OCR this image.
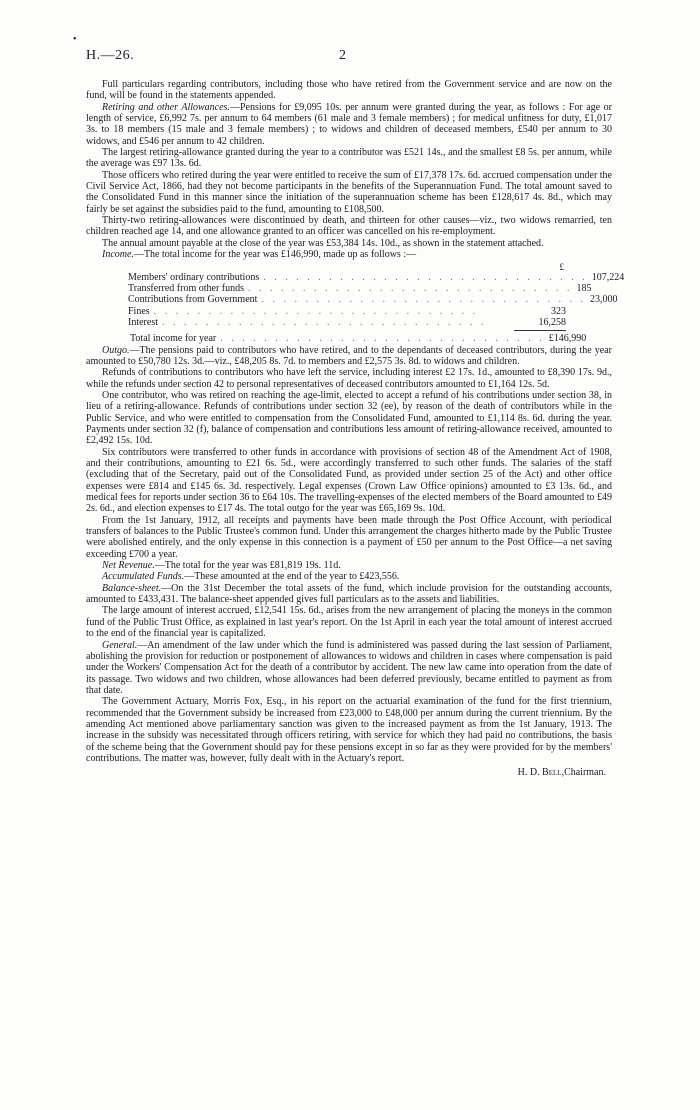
•
H.—26.	2

Full particulars regarding contributors, including those who have retired from the Government service and are now on the fund, will be found in the statements appended.

Retiring and other Allowances.—Pensions for £9,095 10s. per annum were granted during the year, as follows : For age or length of service, £6,992 7s. per annum to 64 members (61 male and 3 female members) ; for medical unfitness for duty, £1,017 3s. to 18 members (15 male and 3 female members) ; to widows and children of deceased members, £540 per annum to 30 widows, and £546 per annum to 42 children.

The largest retiring-allowance granted during the year to a contributor was £521 14s., and the smallest £8 5s. per annum, while the average was £97 13s. 6d.

Those officers who retired during the year were entitled to receive the sum of £17,378 17s. 6d. accrued compensation under the Civil Service Act, 1866, had they not become participants in the benefits of the Superannuation Fund. The total amount saved to the Consolidated Fund in this manner since the initiation of the superannuation scheme has been £128,617 4s. 8d., which may fairly be set against the subsidies paid to the fund, amounting to £108,500.

Thirty-two retiring-allowances were discontinued by death, and thirteen for other causes—viz., two widows remarried, ten children reached age 14, and one allowance granted to an officer was cancelled on his re-employment.

The annual amount payable at the close of the year was £53,384 14s. 10d., as shown in the statement attached.

Income.—The total income for the year was £146,990, made up as follows :—

£
Members' ordinary contributions . . . . . . . . . . . . . . . . . . . . . . . . . . . . . . 107,224
Transferred from other funds . . . . . . . . . . . . . . . . . . . . . . . . . . . . . . 185
Contributions from Government . . . . . . . . . . . . . . . . . . . . . . . . . . . . . . 23,000
Fines . . . . . . . . . . . . . . . . . . . . . . . . . . . . . .	323
Interest . . . . . . . . . . . . . . . . . . . . . . . . . . . . . .	16,258
Total income for year . . . . . . . . . . . . . . . . . . . . . . . . . . . . . . £146,990

Outgo.—The pensions paid to contributors who have retired, and to the dependants of deceased contributors, during the year amounted to £50,780 12s. 3d.—viz., £48,205 8s. 7d. to members and £2,575 3s. 8d. to widows and children.

Refunds of contributions to contributors who have left the service, including interest £2 17s. 1d., amounted to £8,390 17s. 9d., while the refunds under section 42 to personal representatives of deceased contributors amounted to £1,164 12s. 5d.

One contributor, who was retired on reaching the age-limit, elected to accept a refund of his contributions under section 38, in lieu of a retiring-allowance. Refunds of contributions under section 32 (ee), by reason of the death of contributors while in the Public Service, and who were entitled to compensation from the Consolidated Fund, amounted to £1,114 8s. 6d. during the year. Payments under section 32 (f), balance of compensation and contributions less amount of retiring-allowance received, amounted to £2,492 15s. 10d.

Six contributors were transferred to other funds in accordance with provisions of section 48 of the Amendment Act of 1908, and their contributions, amounting to £21 6s. 5d., were accordingly transferred to such other funds. The salaries of the staff (excluding that of the Secretary, paid out of the Consolidated Fund, as provided under section 25 of the Act) and other office expenses were £814 and £145 6s. 3d. respectively. Legal expenses (Crown Law Office opinions) amounted to £3 13s. 6d., and medical fees for reports under section 36 to £64 10s. The travelling-expenses of the elected members of the Board amounted to £49 2s. 6d., and election expenses to £17 4s. The total outgo for the year was £65,169 9s. 10d.

From the 1st January, 1912, all receipts and payments have been made through the Post Office Account, with periodical transfers of balances to the Public Trustee's common fund. Under this arrangement the charges hitherto made by the Public Trustee were abolished entirely, and the only expense in this connection is a payment of £50 per annum to the Post Office—a net saving exceeding £700 a year.

Net Revenue.—The total for the year was £81,819 19s. 11d.

Accumulated Funds.—These amounted at the end of the year to £423,556.

Balance-sheet.—On the 31st December the total assets of the fund, which include provision for the outstanding accounts, amounted to £433,431. The balance-sheet appended gives full particulars as to the assets and liabilities.

The large amount of interest accrued, £12,541 15s. 6d., arises from the new arrangement of placing the moneys in the common fund of the Public Trust Office, as explained in last year's report. On the 1st April in each year the total amount of interest accrued to the end of the financial year is capitalized.

General.—An amendment of the law under which the fund is administered was passed during the last session of Parliament, abolishing the provision for reduction or postponement of allowances to widows and children in cases where compensation is paid under the Workers' Compensation Act for the death of a contributor by accident. The new law came into operation from the date of its passage. Two widows and two children, whose allowances had been deferred previously, became entitled to payment as from that date.

The Government Actuary, Morris Fox, Esq., in his report on the actuarial examination of the fund for the first triennium, recommended that the Government subsidy be increased from £23,000 to £48,000 per annum during the current triennium. By the amending Act mentioned above parliamentary sanction was given to the increased payment as from the 1st January, 1913. The increase in the subsidy was necessitated through officers retiring, with service for which they had paid no contributions, the basis of the scheme being that the Government should pay for these pensions except in so far as they were provided for by the members' contributions. The matter was, however, fully dealt with in the Actuary's report.

H. D. Bell,Chairman.
